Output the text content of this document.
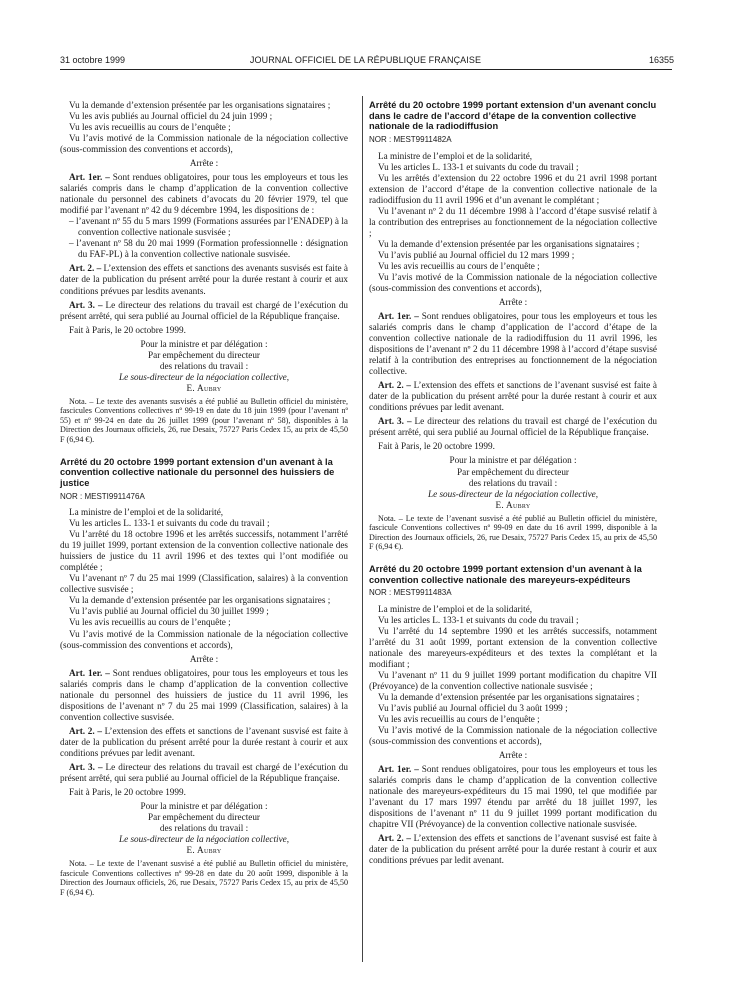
31 octobre 1999	JOURNAL OFFICIEL DE LA RÉPUBLIQUE FRANÇAISE	16355

Vu la demande d’extension présentée par les organisations signataires ;

Vu les avis publiés au Journal officiel du 24 juin 1999 ;

Vu les avis recueillis au cours de l’enquête ;

Vu l’avis motivé de la Commission nationale de la négociation collective (sous-commission des conventions et accords),

Arrête :

Art. 1er. – Sont rendues obligatoires, pour tous les employeurs et tous les salariés compris dans le champ d’application de la convention collective nationale du personnel des cabinets d’avocats du 20 février 1979, tel que modifié par l’avenant nº 42 du 9 décembre 1994, les dispositions de :

– l’avenant nº 55 du 5 mars 1999 (Formations assurées par l’ENADEP) à la convention collective nationale susvisée ;
– l’avenant nº 58 du 20 mai 1999 (Formation professionnelle : désignation du FAF-PL) à la convention collective nationale susvisée.

Art. 2. – L’extension des effets et sanctions des avenants susvisés est faite à dater de la publication du présent arrêté pour la durée restant à courir et aux conditions prévues par lesdits avenants.

Art. 3. – Le directeur des relations du travail est chargé de l’exécution du présent arrêté, qui sera publié au Journal officiel de la République française.

Fait à Paris, le 20 octobre 1999.

Pour la ministre et par délégation :
Par empêchement du directeur
des relations du travail :
Le sous-directeur de la négociation collective,
E. Aubry

Nota. – Le texte des avenants susvisés a été publié au Bulletin officiel du ministère, fascicules Conventions collectives nº 99-19 en date du 18 juin 1999 (pour l’avenant nº 55) et nº 99-24 en date du 26 juillet 1999 (pour l’avenant nº 58), disponibles à la Direction des Journaux officiels, 26, rue Desaix, 75727 Paris Cedex 15, au prix de 45,50 F (6,94 €).

Arrêté du 20 octobre 1999 portant extension d’un avenant à la convention collective nationale du personnel des huissiers de justice

NOR : MESTI9911476A

La ministre de l’emploi et de la solidarité,

Vu les articles L. 133-1 et suivants du code du travail ;

Vu l’arrêté du 18 octobre 1996 et les arrêtés successifs, notamment l’arrêté du 19 juillet 1999, portant extension de la convention collective nationale des huissiers de justice du 11 avril 1996 et des textes qui l’ont modifiée ou complétée ;

Vu l’avenant nº 7 du 25 mai 1999 (Classification, salaires) à la convention collective susvisée ;

Vu la demande d’extension présentée par les organisations signataires ;

Vu l’avis publié au Journal officiel du 30 juillet 1999 ;

Vu les avis recueillis au cours de l’enquête ;

Vu l’avis motivé de la Commission nationale de la négociation collective (sous-commission des conventions et accords),

Arrête :

Art. 1er. – Sont rendues obligatoires, pour tous les employeurs et tous les salariés compris dans le champ d’application de la convention collective nationale du personnel des huissiers de justice du 11 avril 1996, les dispositions de l’avenant nº 7 du 25 mai 1999 (Classification, salaires) à la convention collective susvisée.

Art. 2. – L’extension des effets et sanctions de l’avenant susvisé est faite à dater de la publication du présent arrêté pour la durée restant à courir et aux conditions prévues par ledit avenant.

Art. 3. – Le directeur des relations du travail est chargé de l’exécution du présent arrêté, qui sera publié au Journal officiel de la République française.

Fait à Paris, le 20 octobre 1999.

Pour la ministre et par délégation :
Par empêchement du directeur
des relations du travail :
Le sous-directeur de la négociation collective,
E. Aubry

Nota. – Le texte de l’avenant susvisé a été publié au Bulletin officiel du ministère, fascicule Conventions collectives nº 99-28 en date du 20 août 1999, disponible à la Direction des Journaux officiels, 26, rue Desaix, 75727 Paris Cedex 15, au prix de 45,50 F (6,94 €).

Arrêté du 20 octobre 1999 portant extension d’un avenant conclu dans le cadre de l’accord d’étape de la convention collective nationale de la radiodiffusion

NOR : MEST9911482A

La ministre de l’emploi et de la solidarité,

Vu les articles L. 133-1 et suivants du code du travail ;

Vu les arrêtés d’extension du 22 octobre 1996 et du 21 avril 1998 portant extension de l’accord d’étape de la convention collective nationale de la radiodiffusion du 11 avril 1996 et d’un avenant le complétant ;

Vu l’avenant nº 2 du 11 décembre 1998 à l’accord d’étape susvisé relatif à la contribution des entreprises au fonctionnement de la négociation collective ;

Vu la demande d’extension présentée par les organisations signataires ;

Vu l’avis publié au Journal officiel du 12 mars 1999 ;

Vu les avis recueillis au cours de l’enquête ;

Vu l’avis motivé de la Commission nationale de la négociation collective (sous-commission des conventions et accords),

Arrête :

Art. 1er. – Sont rendues obligatoires, pour tous les employeurs et tous les salariés compris dans le champ d’application de l’accord d’étape de la convention collective nationale de la radiodiffusion du 11 avril 1996, les dispositions de l’avenant nº 2 du 11 décembre 1998 à l’accord d’étape susvisé relatif à la contribution des entreprises au fonctionnement de la négociation collective.

Art. 2. – L’extension des effets et sanctions de l’avenant susvisé est faite à dater de la publication du présent arrêté pour la durée restant à courir et aux conditions prévues par ledit avenant.

Art. 3. – Le directeur des relations du travail est chargé de l’exécution du présent arrêté, qui sera publié au Journal officiel de la République française.

Fait à Paris, le 20 octobre 1999.

Pour la ministre et par délégation :
Par empêchement du directeur
des relations du travail :
Le sous-directeur de la négociation collective,
E. Aubry

Nota. – Le texte de l’avenant susvisé a été publié au Bulletin officiel du ministère, fascicule Conventions collectives nº 99-09 en date du 16 avril 1999, disponible à la Direction des Journaux officiels, 26, rue Desaix, 75727 Paris Cedex 15, au prix de 45,50 F (6,94 €).

Arrêté du 20 octobre 1999 portant extension d’un avenant à la convention collective nationale des mareyeurs-expéditeurs

NOR : MEST9911483A

La ministre de l’emploi et de la solidarité,

Vu les articles L. 133-1 et suivants du code du travail ;

Vu l’arrêté du 14 septembre 1990 et les arrêtés successifs, notamment l’arrêté du 31 août 1999, portant extension de la convention collective nationale des mareyeurs-expéditeurs et des textes la complétant et la modifiant ;

Vu l’avenant nº 11 du 9 juillet 1999 portant modification du chapitre VII (Prévoyance) de la convention collective nationale susvisée ;

Vu la demande d’extension présentée par les organisations signataires ;

Vu l’avis publié au Journal officiel du 3 août 1999 ;

Vu les avis recueillis au cours de l’enquête ;

Vu l’avis motivé de la Commission nationale de la négociation collective (sous-commission des conventions et accords),

Arrête :

Art. 1er. – Sont rendues obligatoires, pour tous les employeurs et tous les salariés compris dans le champ d’application de la convention collective nationale des mareyeurs-expéditeurs du 15 mai 1990, tel que modifiée par l’avenant du 17 mars 1997 étendu par arrêté du 18 juillet 1997, les dispositions de l’avenant nº 11 du 9 juillet 1999 portant modification du chapitre VII (Prévoyance) de la convention collective nationale susvisée.

Art. 2. – L’extension des effets et sanctions de l’avenant susvisé est faite à dater de la publication du présent arrêté pour la durée restant à courir et aux conditions prévues par ledit avenant.
